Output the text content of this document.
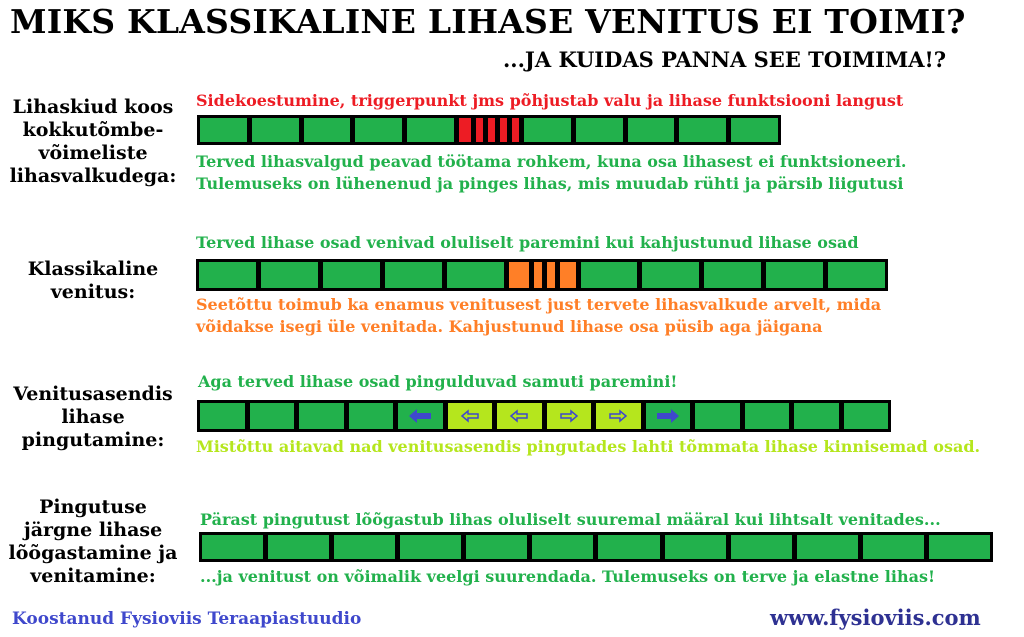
MIKS KLASSIKALINE LIHASE VENITUS EI TOIMI?
...JA KUIDAS PANNA SEE TOIMIMA!?
Lihaskiud koos kokkutõmbe-võimeliste lihasvalkudega:
Sidekoestumine, triggerpunkt jms põhjustab valu ja lihase funktsiooni langust
Terved lihasvalgud peavad töötama rohkem, kuna osa lihasest ei funktsioneeri.
Tulemuseks on lühenenud ja pinges lihas, mis muudab rühti ja pärsib liigutusi
Klassikaline venitus:
Terved lihase osad venivad oluliselt paremini kui kahjustunud lihase osad
Seetõttu toimub ka enamus venitusest just tervete lihasvalkude arvelt, mida
võidakse isegi üle venitada. Kahjustunud lihase osa püsib aga jäigana
Venitusasendis lihase pingutamine:
Aga terved lihase osad pingulduvad samuti paremini!
Mistõttu aitavad nad venitusasendis pingutades lahti tõmmata lihase kinnisemad osad.
Pingutuse järgne lihase lõõgastamine ja venitamine:
Pärast pingutust lõõgastub lihas oluliselt suuremal määral kui lihtsalt venitades...
...ja venitust on võimalik veelgi suurendada. Tulemuseks on terve ja elastne lihas!
Koostanud Fysioviis Teraapiastuudio	www.fysioviis.com
